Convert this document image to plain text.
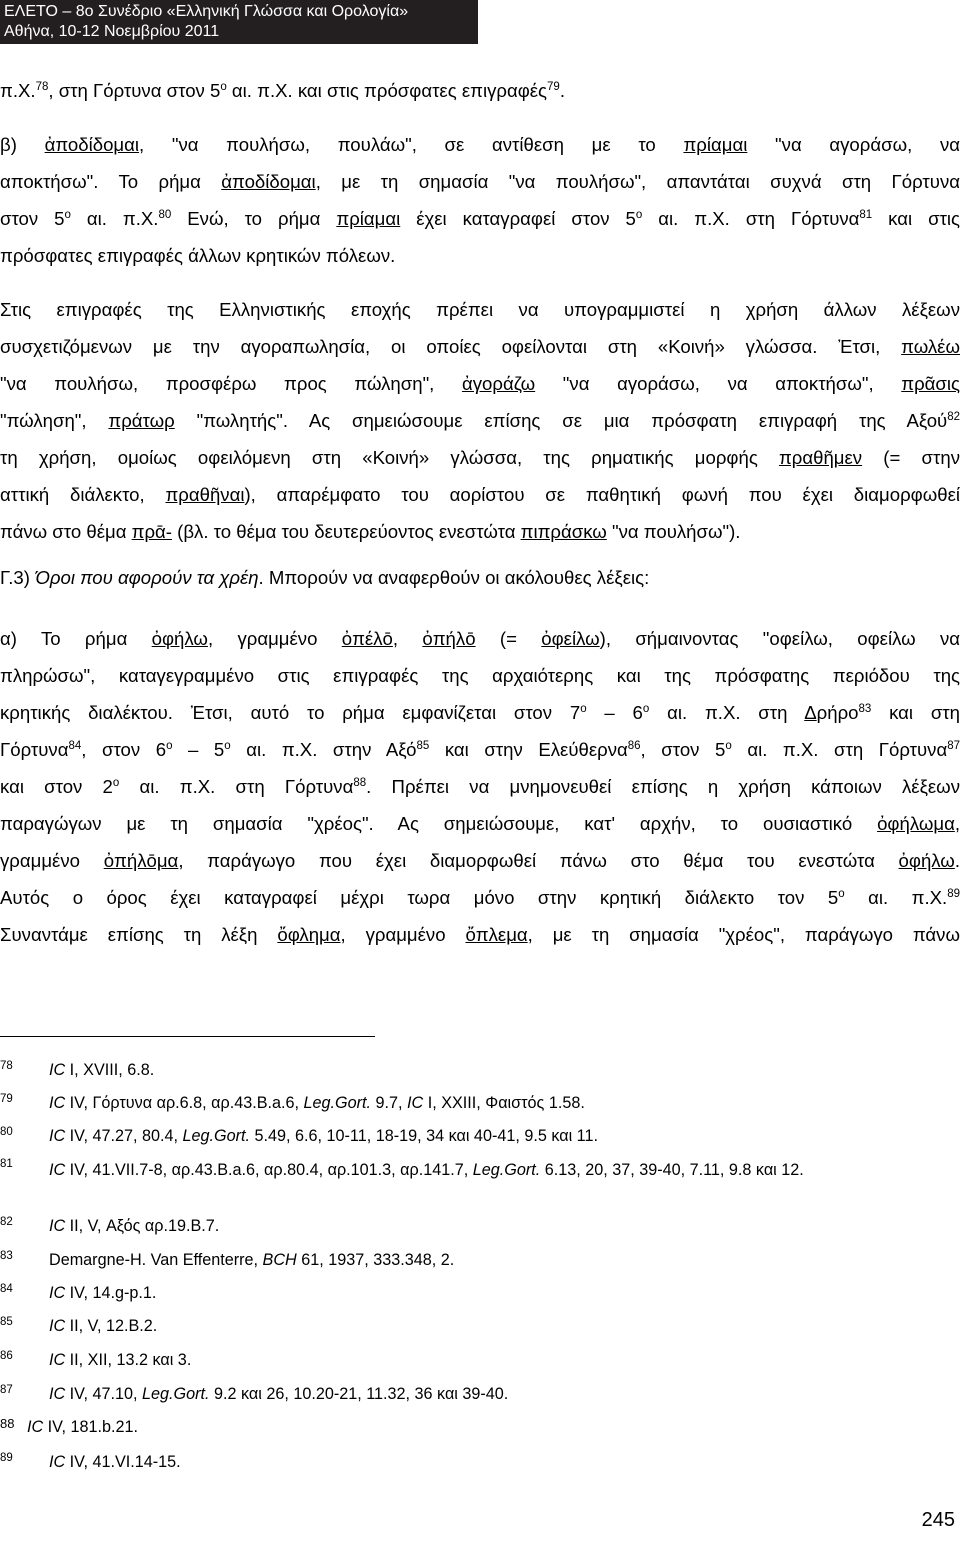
ΕΛΕΤΟ – 8ο Συνέδριο «Ελληνική Γλώσσα και Ορολογία»
Αθήνα, 10-12 Νοεμβρίου 2011
π.Χ.$^{78}$, στη Γόρτυνα στον $5^o$ αι. π.Χ. και στις πρόσφατες επιγραφές$^{79}$.
β) ἀποδίδομαι, "να πουλήσω, πουλάω", σε αντίθεση με το πρίαμαι "να αγοράσω, να
αποκτήσω". Το ρήμα ἀποδίδομαι, με τη σημασία "να πουλήσω", απαντάται συχνά στη Γόρτυνα
στον $5^o$ αι. π.Χ.$^{80}$ Ενώ, το ρήμα πρίαμαι έχει καταγραφεί στον $5^o$ αι. π.Χ. στη Γόρτυνα$^{81}$ και στις
πρόσφατες επιγραφές άλλων κρητικών πόλεων.
Στις επιγραφές της Ελληνιστικής εποχής πρέπει να υπογραμμιστεί η χρήση άλλων λέξεων
συσχετιζόμενων με την αγοραπωλησία, οι οποίες οφείλονται στη «Κοινή» γλώσσα. Ἐτσι, πωλέω
"να πουλήσω, προσφέρω προς πώληση", ἀγοράζω "να αγοράσω, να αποκτήσω", πρᾶσις
"πώληση", πράτωρ "πωλητής". Ας σημειώσουμε επίσης σε μια πρόσφατη επιγραφή της Αξού$^{82}$
τη χρήση, ομοίως οφειλόμενη στη «Κοινή» γλώσσα, της ρηματικής μορφής πραθῆμεν (= στην
αττική διάλεκτο, πραθῆναι), απαρέμφατο του αορίστου σε παθητική φωνή που έχει διαμορφωθεί
πάνω στο θέμα πρᾱ- (βλ. το θέμα του δευτερεύοντος ενεστώτα πιπράσκω "να πουλήσω").
Γ.3) Όροι που αφορούν τα χρέη. Μπορούν να αναφερθούν οι ακόλουθες λέξεις:
α) Το ρήμα ὀφήλω, γραμμένο ὀπέλō, ὀπήλō (= ὀφείλω), σήμαινοντας "οφείλω, οφείλω να
πληρώσω", καταγεγραμμένο στις επιγραφές της αρχαιότερης και της πρόσφατης περιόδου της
κρητικής διαλέκτου. Ἐτσι, αυτό το ρήμα εμφανίζεται στον $7^o - 6^o$ αι. π.Χ. στη Δρήρο$^{83}$ και στη
Γόρτυνα$^{84}$, στον $6^o - 5^o$ αι. π.Χ. στην Αξό$^{85}$ και στην Ελεύθερνα$^{86}$, στον $5^o$ αι. π.Χ. στη Γόρτυνα$^{87}$
και στον $2^o$ αι. π.Χ. στη Γόρτυνα$^{88}$. Πρέπει να μνημονευθεί επίσης η χρήση κάποιων λέξεων
παραγώγων με τη σημασία "χρέος". Ας σημειώσουμε, κατ' αρχήν, το ουσιαστικό ὀφήλωμα,
γραμμένο ὀπήλōμα, παράγωγο που έχει διαμορφωθεί πάνω στο θέμα του ενεστώτα ὀφήλω.
Αυτός ο όρος έχει καταγραφεί μέχρι τωρα μόνο στην κρητική διάλεκτο τον $5^o$ αι. π.Χ.$^{89}$
Συναντάμε επίσης τη λέξη ὄφλημα, γραμμένο ὄπλεμα, με τη σημασία "χρέος", παράγωγο πάνω
78 IC I, XVIII, 6.8.
79 IC IV, Γόρτυνα αρ.6.8, αρ.43.Β.a.6, Leg.Gort. 9.7, IC I, XXIII, Φαιστός 1.58.
80 IC IV, 47.27, 80.4, Leg.Gort. 5.49, 6.6, 10-11, 18-19, 34 και 40-41, 9.5 και 11.
81 IC IV, 41.VII.7-8, αρ.43.Β.a.6, αρ.80.4, αρ.101.3, αρ.141.7, Leg.Gort. 6.13, 20, 37, 39-40, 7.11, 9.8 και 12.
82 IC II, V, Αξός αρ.19.Β.7.
83 Demargne-H. Van Effenterre, BCH 61, 1937, 333.348, 2.
84 IC IV, 14.g-p.1.
85 IC II, V, 12.Β.2.
86 IC II, XII, 13.2 και 3.
87 IC IV, 47.10, Leg.Gort. 9.2 και 26, 10.20-21, 11.32, 36 και 39-40.
88 IC IV, 181.b.21.
89 IC IV, 41.VI.14-15.
245
